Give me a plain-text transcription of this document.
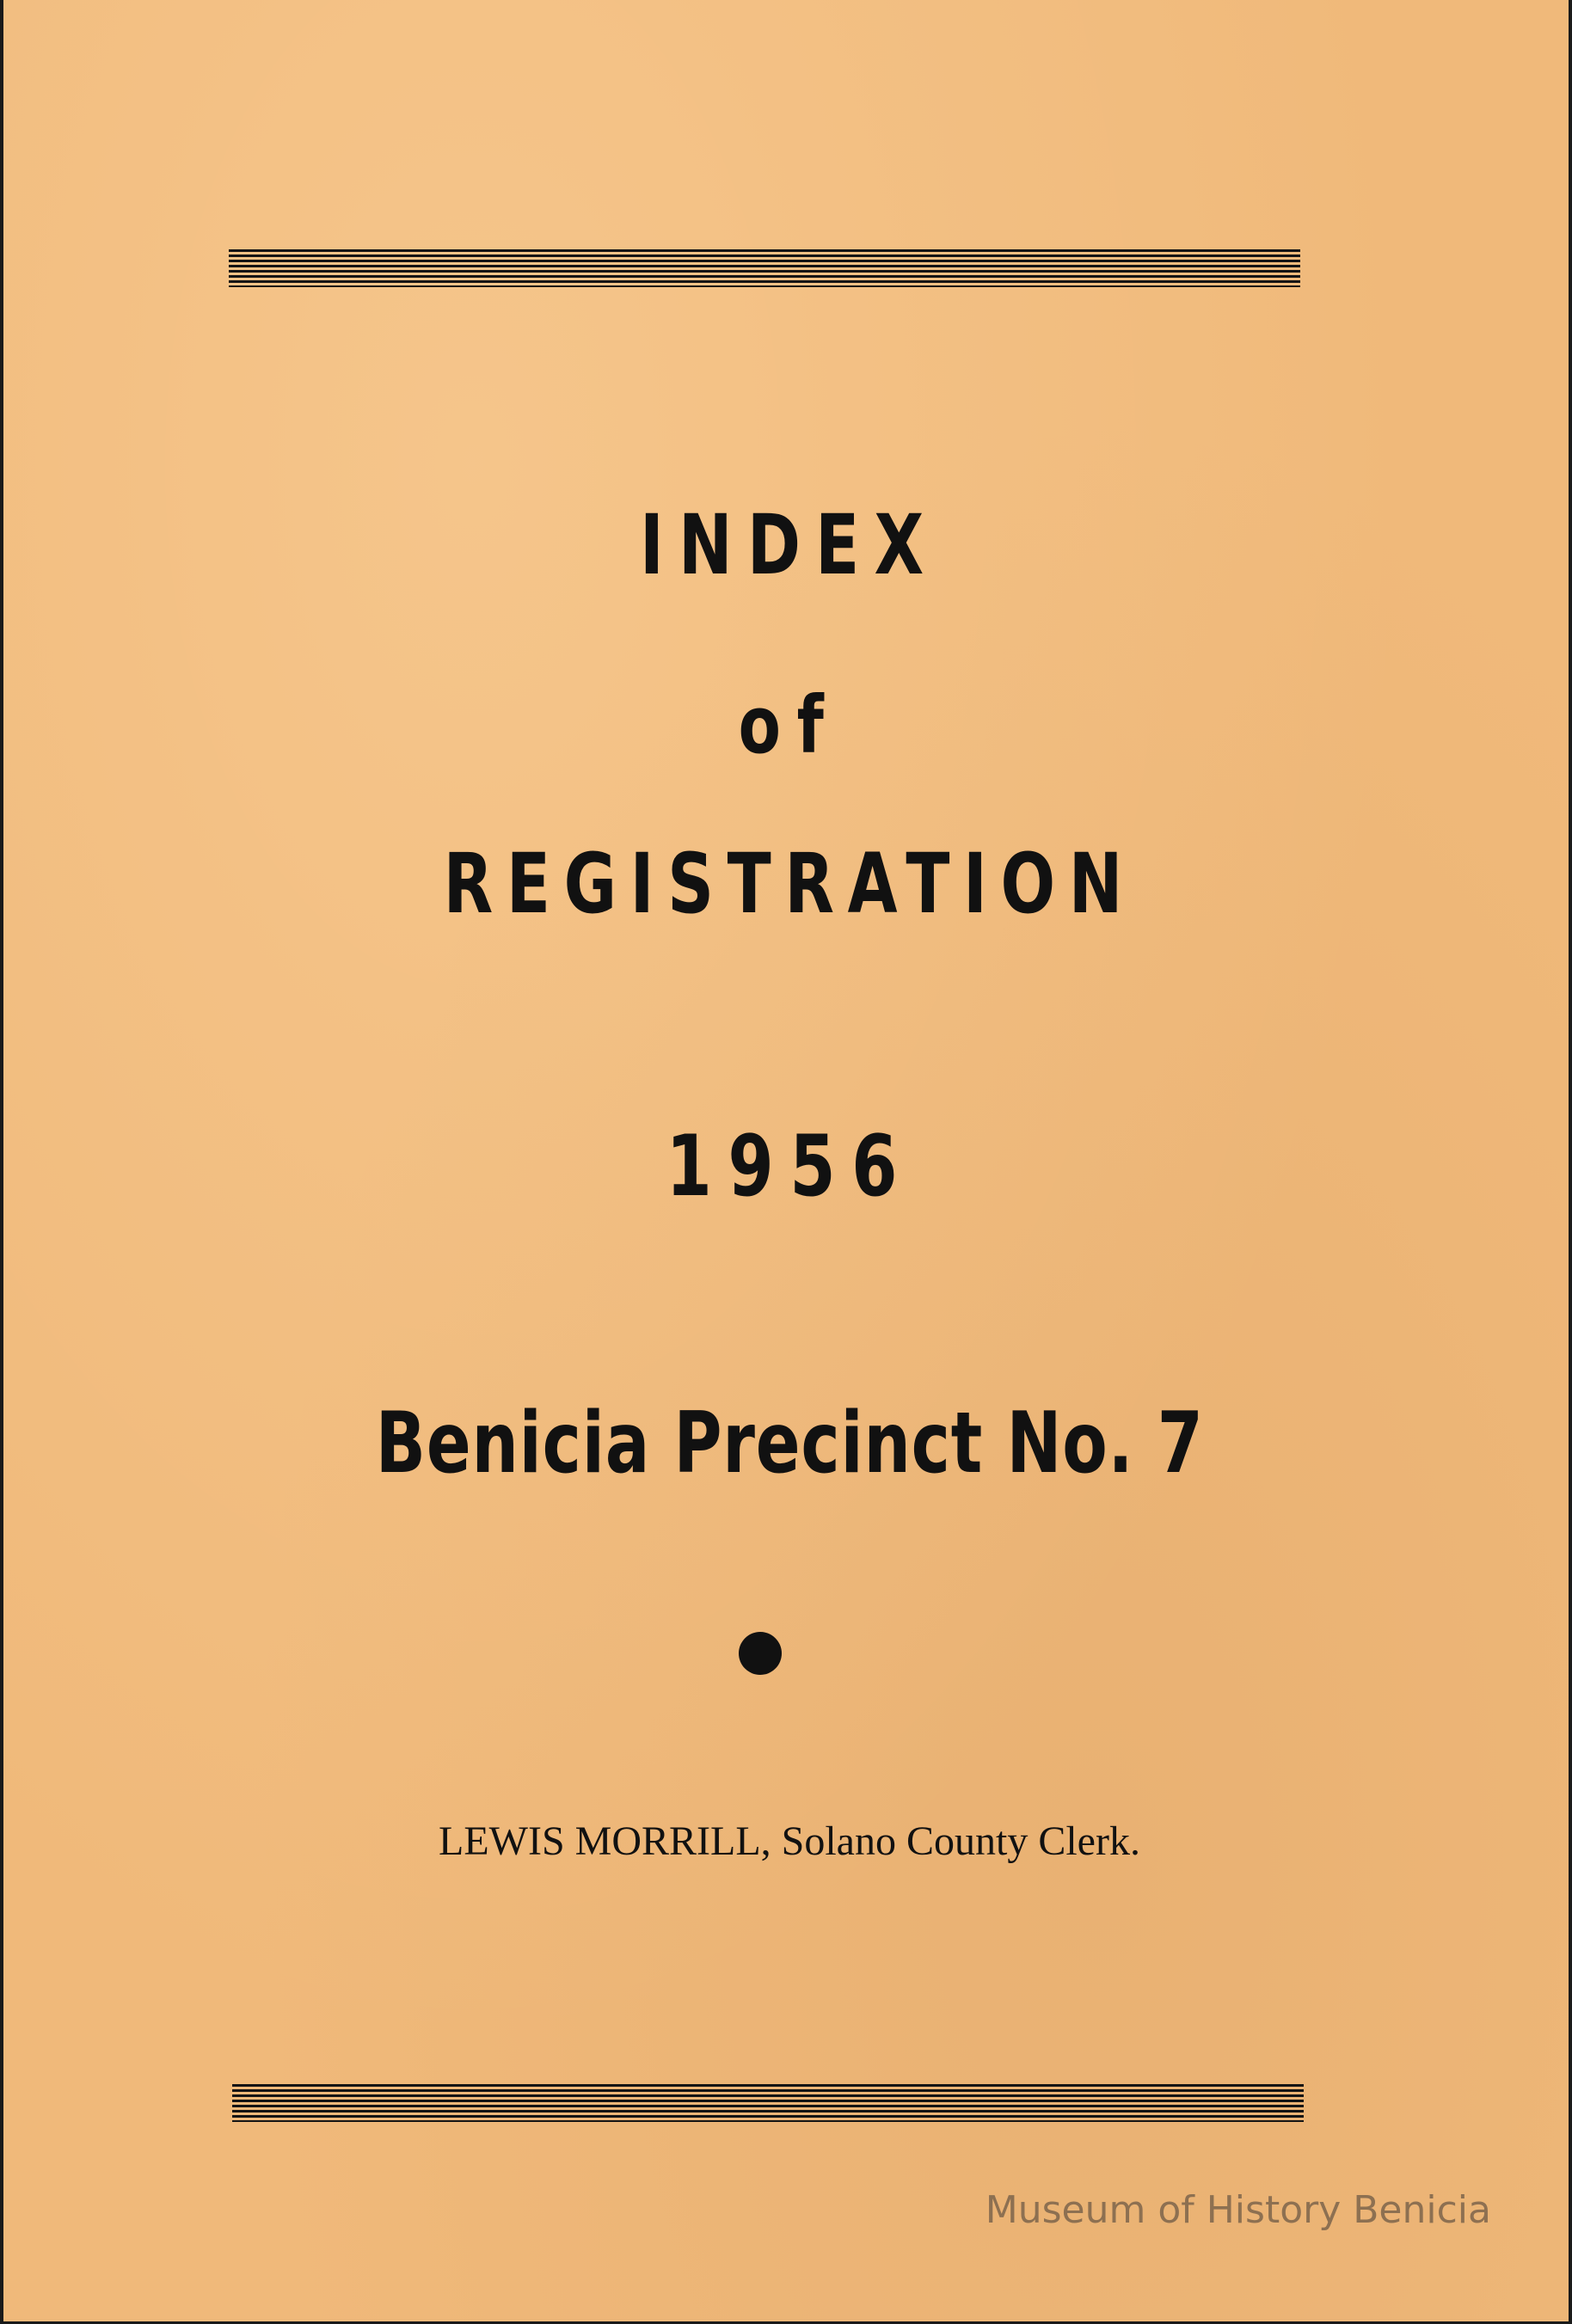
INDEX
of
REGISTRATION
1956
Benicia Precinct No. 7
LEWIS MORRILL, Solano County Clerk.
Museum of History Benicia
